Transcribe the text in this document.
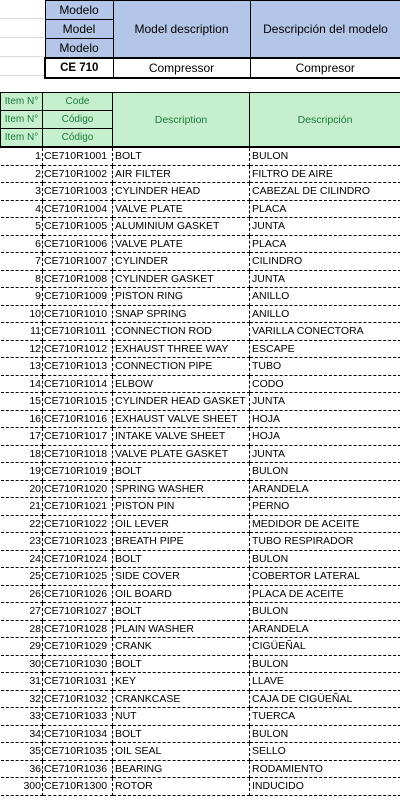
Modelo	Model description	Descripción del modelo
Model		
Modelo		
CE 710	Compressor	Compresor
Item N°	Code	Description	Descripción
Item N°	Código		
Item N°	Código		
1	CE710R1001	BOLT	BULON
2	CE710R1002	AIR FILTER	FILTRO DE AIRE
3	CE710R1003	CYLINDER HEAD	CABEZAL DE CILINDRO
4	CE710R1004	VALVE PLATE	PLACA
5	CE710R1005	ALUMINIUM GASKET	JUNTA
6	CE710R1006	VALVE PLATE	PLACA
7	CE710R1007	CYLINDER	CILINDRO
8	CE710R1008	CYLINDER GASKET	JUNTA
9	CE710R1009	PISTON RING	ANILLO
10	CE710R1010	SNAP SPRING	ANILLO
11	CE710R1011	CONNECTION ROD	VARILLA CONECTORA
12	CE710R1012	EXHAUST THREE WAY	ESCAPE
13	CE710R1013	CONNECTION PIPE	TUBO
14	CE710R1014	ELBOW	CODO
15	CE710R1015	CYLINDER HEAD GASKET	JUNTA
16	CE710R1016	EXHAUST VALVE SHEET	HOJA
17	CE710R1017	INTAKE VALVE SHEET	HOJA
18	CE710R1018	VALVE PLATE GASKET	JUNTA
19	CE710R1019	BOLT	BULON
20	CE710R1020	SPRING WASHER	ARANDELA
21	CE710R1021	PISTON PIN	PERNO
22	CE710R1022	OIL LEVER	MEDIDOR DE ACEITE
23	CE710R1023	BREATH PIPE	TUBO RESPIRADOR
24	CE710R1024	BOLT	BULON
25	CE710R1025	SIDE COVER	COBERTOR LATERAL
26	CE710R1026	OIL BOARD	PLACA DE ACEITE
27	CE710R1027	BOLT	BULON
28	CE710R1028	PLAIN WASHER	ARANDELA
29	CE710R1029	CRANK	CIGÜEÑAL
30	CE710R1030	BOLT	BULON
31	CE710R1031	KEY	LLAVE
32	CE710R1032	CRANKCASE	CAJA DE CIGÜEÑAL
33	CE710R1033	NUT	TUERCA
34	CE710R1034	BOLT	BULON
35	CE710R1035	OIL SEAL	SELLO
36	CE710R1036	BEARING	RODAMIENTO
300	CE710R1300	ROTOR	INDUCIDO
